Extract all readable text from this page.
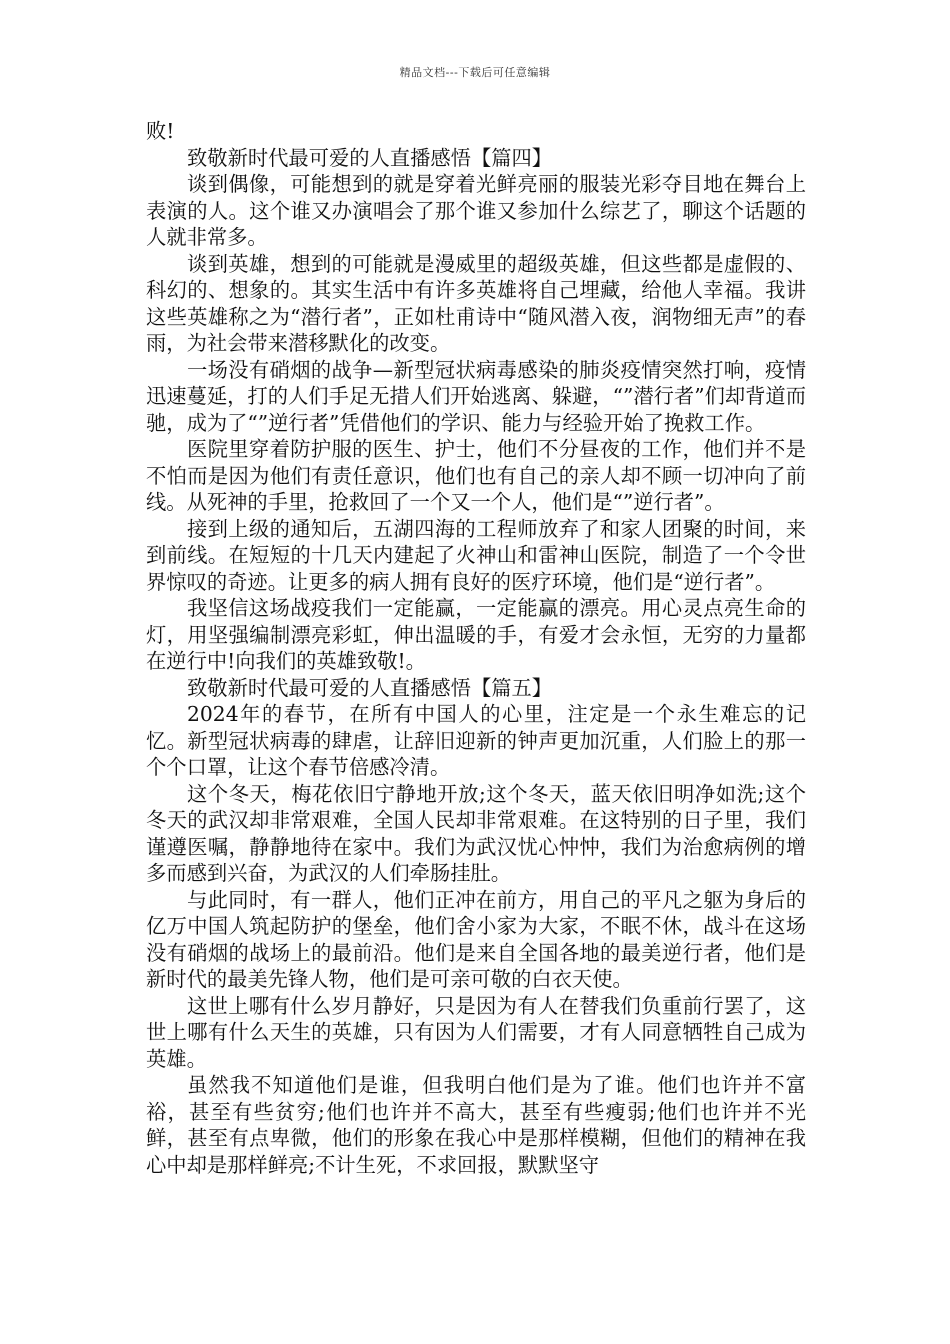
精品文档---下载后可任意编辑

败!

致敬新时代最可爱的人直播感悟【篇四】

谈到偶像，可能想到的就是穿着光鲜亮丽的服装光彩夺目地在舞台上表演的人。这个谁又办演唱会了那个谁又参加什么综艺了，聊这个话题的人就非常多。

谈到英雄，想到的可能就是漫威里的超级英雄，但这些都是虚假的、科幻的、想象的。其实生活中有许多英雄将自己埋藏，给他人幸福。我讲这些英雄称之为“潜行者”，正如杜甫诗中“随风潜入夜，润物细无声”的春雨，为社会带来潜移默化的改变。

一场没有硝烟的战争—新型冠状病毒感染的肺炎疫情突然打响，疫情迅速蔓延，打的人们手足无措人们开始逃离、躲避，“”潜行者”们却背道而驰，成为了“”逆行者”凭借他们的学识、能力与经验开始了挽救工作。

医院里穿着防护服的医生、护士，他们不分昼夜的工作，他们并不是不怕而是因为他们有责任意识，他们也有自己的亲人却不顾一切冲向了前线。从死神的手里，抢救回了一个又一个人，他们是“”逆行者”。

接到上级的通知后，五湖四海的工程师放弃了和家人团聚的时间，来到前线。在短短的十几天内建起了火神山和雷神山医院，制造了一个令世界惊叹的奇迹。让更多的病人拥有良好的医疗环境，他们是“逆行者”。

我坚信这场战疫我们一定能赢，一定能赢的漂亮。用心灵点亮生命的灯，用坚强编制漂亮彩虹，伸出温暖的手，有爱才会永恒，无穷的力量都在逆行中!向我们的英雄致敬!。

致敬新时代最可爱的人直播感悟【篇五】

2024年的春节，在所有中国人的心里，注定是一个永生难忘的记忆。新型冠状病毒的肆虐，让辞旧迎新的钟声更加沉重，人们脸上的那一个个口罩，让这个春节倍感冷清。

这个冬天，梅花依旧宁静地开放;这个冬天，蓝天依旧明净如洗;这个冬天的武汉却非常艰难，全国人民却非常艰难。在这特别的日子里，我们谨遵医嘱，静静地待在家中。我们为武汉忧心忡忡，我们为治愈病例的增多而感到兴奋，为武汉的人们牵肠挂肚。

与此同时，有一群人，他们正冲在前方，用自己的平凡之躯为身后的亿万中国人筑起防护的堡垒，他们舍小家为大家，不眠不休，战斗在这场没有硝烟的战场上的最前沿。他们是来自全国各地的最美逆行者，他们是新时代的最美先锋人物，他们是可亲可敬的白衣天使。

这世上哪有什么岁月静好，只是因为有人在替我们负重前行罢了，这世上哪有什么天生的英雄，只有因为人们需要，才有人同意牺牲自己成为英雄。

虽然我不知道他们是谁，但我明白他们是为了谁。他们也许并不富裕，甚至有些贫穷;他们也许并不高大，甚至有些瘦弱;他们也许并不光鲜，甚至有点卑微，他们的形象在我心中是那样模糊，但他们的精神在我心中却是那样鲜亮;不计生死，不求回报，默默坚守
